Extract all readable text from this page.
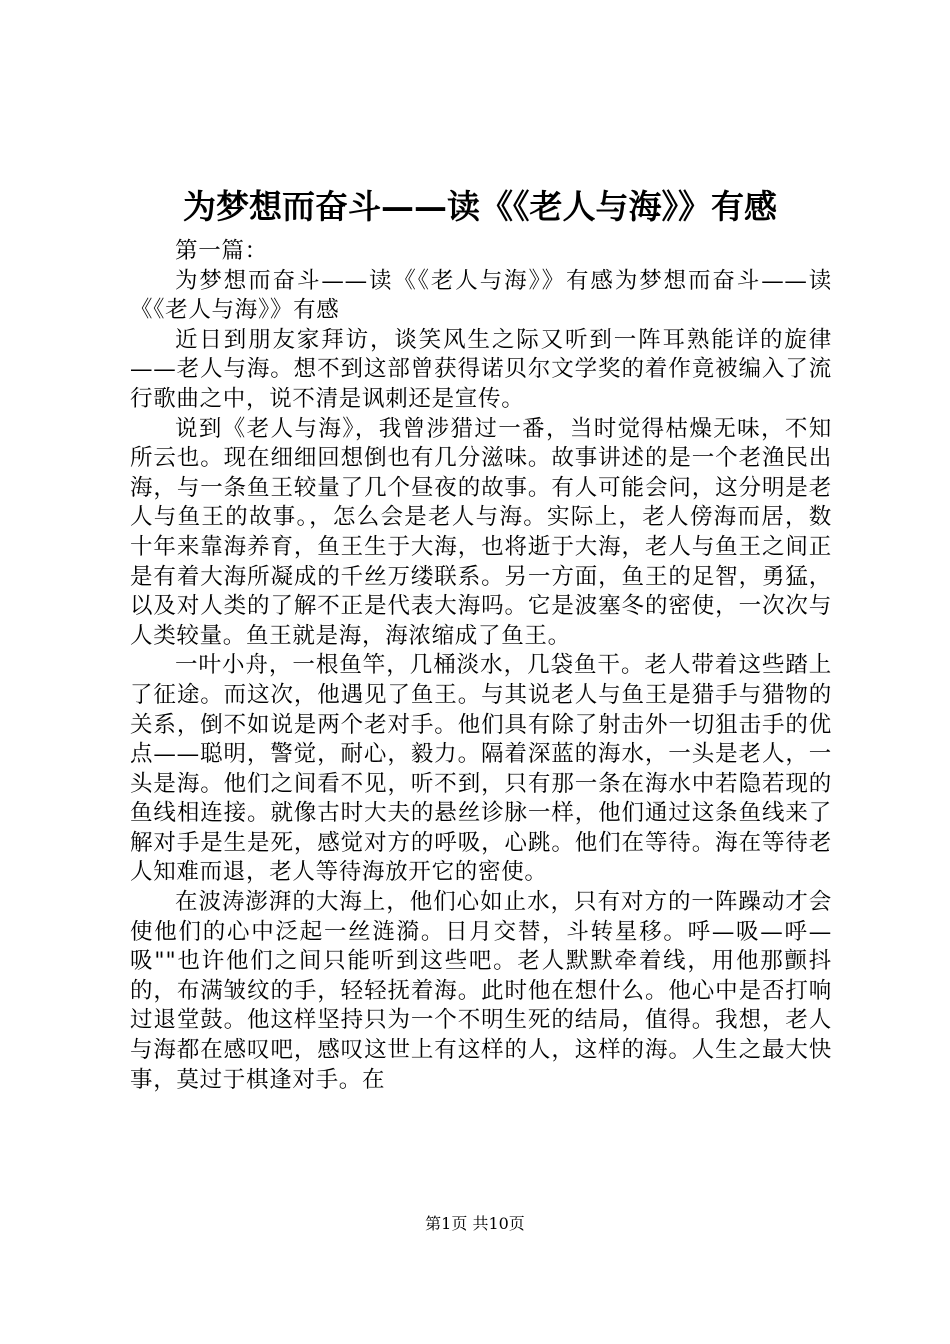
为梦想而奋斗——读《《老人与海》》有感

第一篇：

为梦想而奋斗——读《《老人与海》》有感为梦想而奋斗——读《《老人与海》》有感

近日到朋友家拜访，谈笑风生之际又听到一阵耳熟能详的旋律——老人与海。想不到这部曾获得诺贝尔文学奖的着作竟被编入了流行歌曲之中，说不清是讽刺还是宣传。

说到《老人与海》，我曾涉猎过一番，当时觉得枯燥无味，不知所云也。现在细细回想倒也有几分滋味。故事讲述的是一个老渔民出海，与一条鱼王较量了几个昼夜的故事。有人可能会问，这分明是老人与鱼王的故事。，怎么会是老人与海。实际上，老人傍海而居，数十年来靠海养育，鱼王生于大海，也将逝于大海，老人与鱼王之间正是有着大海所凝成的千丝万缕联系。另一方面，鱼王的足智，勇猛，以及对人类的了解不正是代表大海吗。它是波塞冬的密使，一次次与人类较量。鱼王就是海，海浓缩成了鱼王。

一叶小舟，一根鱼竿，几桶淡水，几袋鱼干。老人带着这些踏上了征途。而这次，他遇见了鱼王。与其说老人与鱼王是猎手与猎物的关系，倒不如说是两个老对手。他们具有除了射击外一切狙击手的优点——聪明，警觉，耐心，毅力。隔着深蓝的海水，一头是老人，一头是海。他们之间看不见，听不到，只有那一条在海水中若隐若现的鱼线相连接。就像古时大夫的悬丝诊脉一样，他们通过这条鱼线来了解对手是生是死，感觉对方的呼吸，心跳。他们在等待。海在等待老人知难而退，老人等待海放开它的密使。

在波涛澎湃的大海上，他们心如止水，只有对方的一阵躁动才会使他们的心中泛起一丝涟漪。日月交替，斗转星移。呼—吸—呼—吸""也许他们之间只能听到这些吧。老人默默牵着线，用他那颤抖的，布满皱纹的手，轻轻抚着海。此时他在想什么。他心中是否打响过退堂鼓。他这样坚持只为一个不明生死的结局，值得。我想，老人与海都在感叹吧，感叹这世上有这样的人，这样的海。人生之最大快事，莫过于棋逢对手。在

第1页 共10页
